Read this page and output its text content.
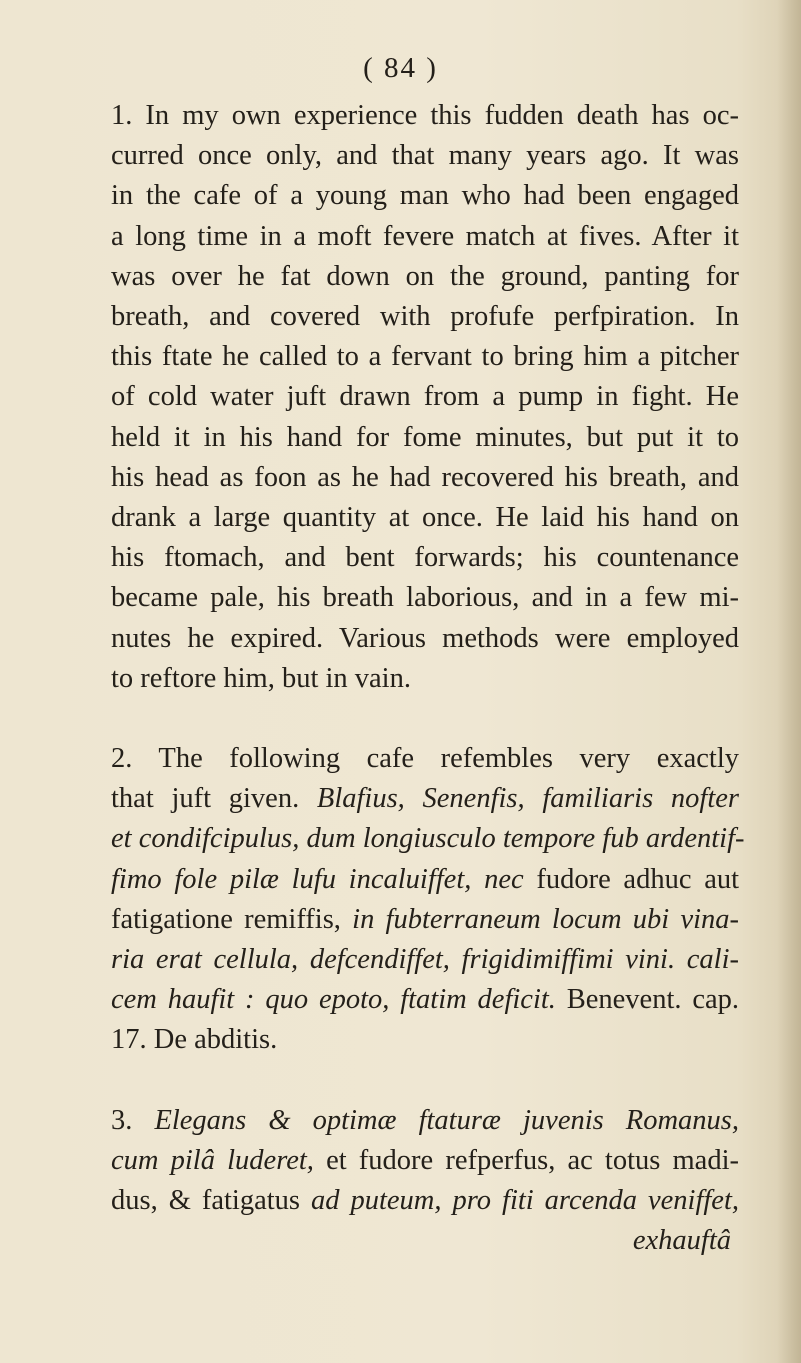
( 84 )
1. In my own experience this fudden death has oc-
curred once only, and that many years ago. It was
in the cafe of a young man who had been engaged
a long time in a moft fevere match at fives. After it
was over he fat down on the ground, panting for
breath, and covered with profufe perfpiration. In
this ftate he called to a fervant to bring him a pitcher
of cold water juft drawn from a pump in fight. He
held it in his hand for fome minutes, but put it to
his head as foon as he had recovered his breath, and
drank a large quantity at once. He laid his hand on
his ftomach, and bent forwards; his countenance
became pale, his breath laborious, and in a few mi-
nutes he expired. Various methods were employed
to reftore him, but in vain.
2. The following cafe refembles very exactly
that juft given. Blafius, Senenfis, familiaris nofter
et condifcipulus, dum longiusculo tempore fub ardentif-
fimo fole pilæ lufu incaluiffet, nec fudore adhuc aut
fatigatione remiffis, in fubterraneum locum ubi vina-
ria erat cellula, defcendiffet, frigidimiffimi vini. cali-
cem haufit : quo epoto, ftatim deficit. Benevent. cap.
17. De abditis.
3. Elegans & optimæ ftaturæ juvenis Romanus,
cum pilâ luderet, et fudore refperfus, ac totus madi-
dus, & fatigatus ad puteum, pro fiti arcenda veniffet,
exhauftâ
